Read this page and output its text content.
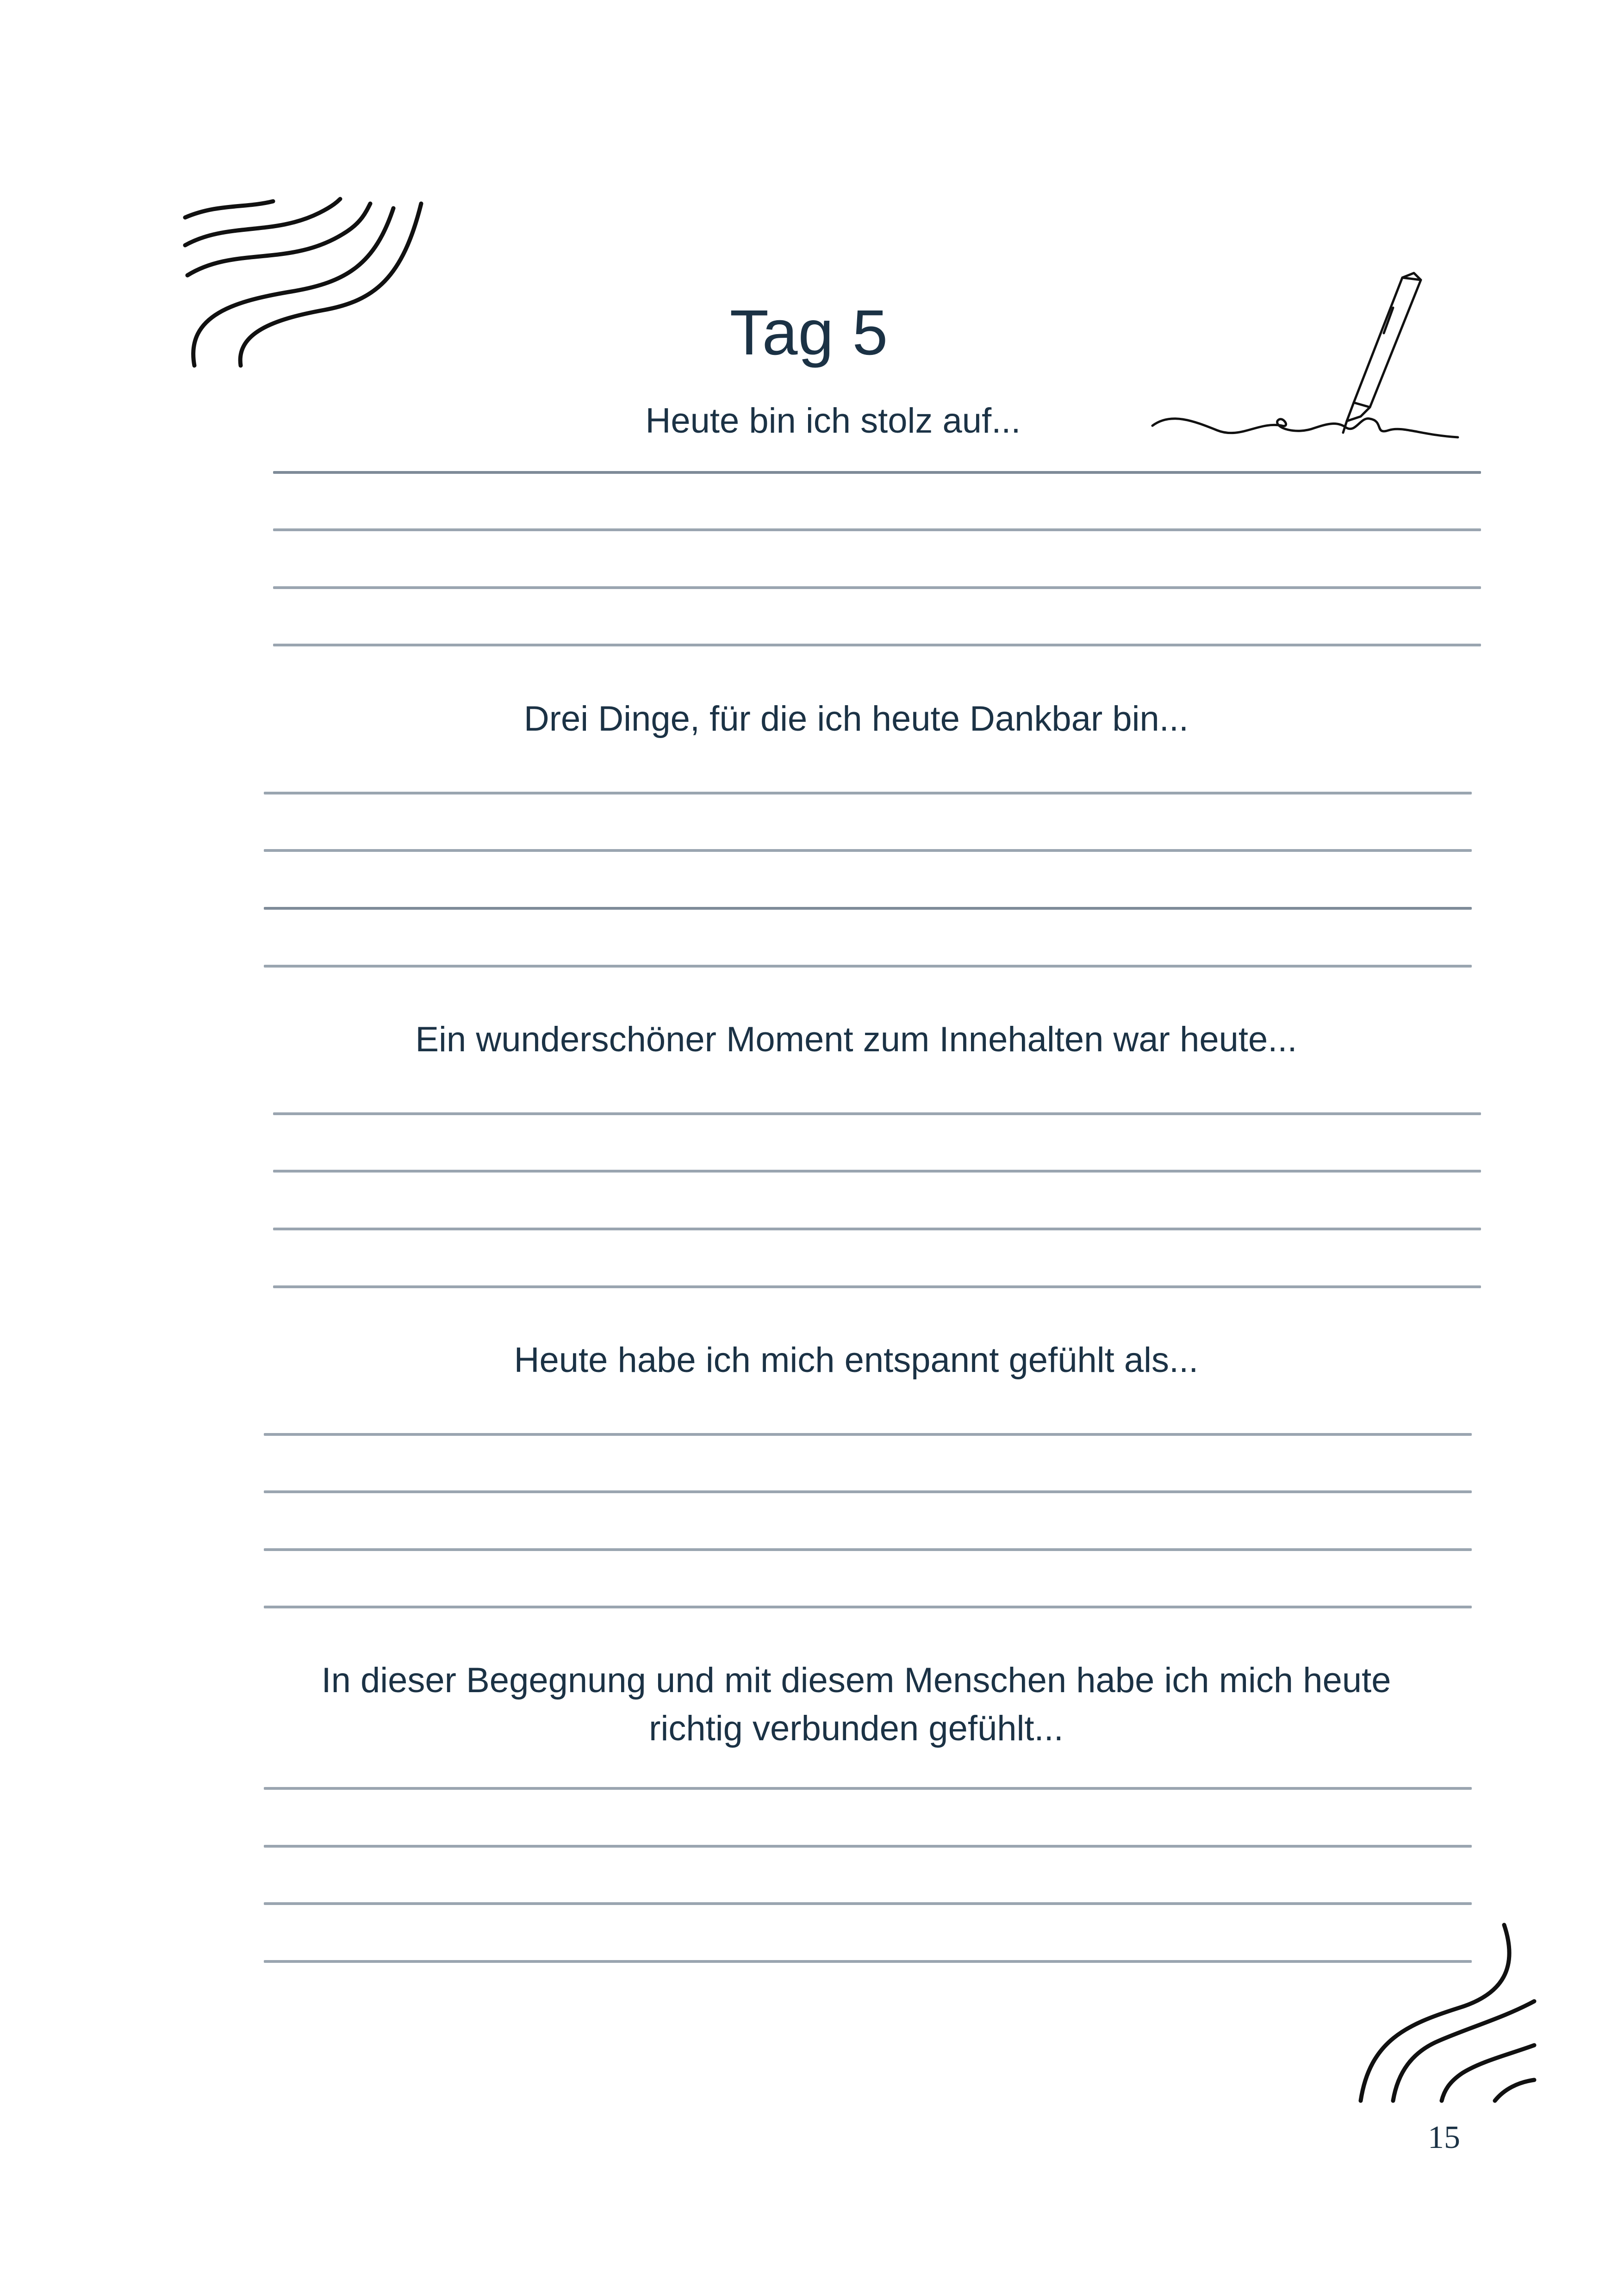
Tag 5
Heute bin ich stolz auf...
Drei Dinge, für die ich heute Dankbar bin...
Ein wunderschöner Moment zum Innehalten war heute...
Heute habe ich mich entspannt gefühlt als...
In dieser Begegnung und mit diesem Menschen habe ich mich heute
richtig verbunden gefühlt...
15
